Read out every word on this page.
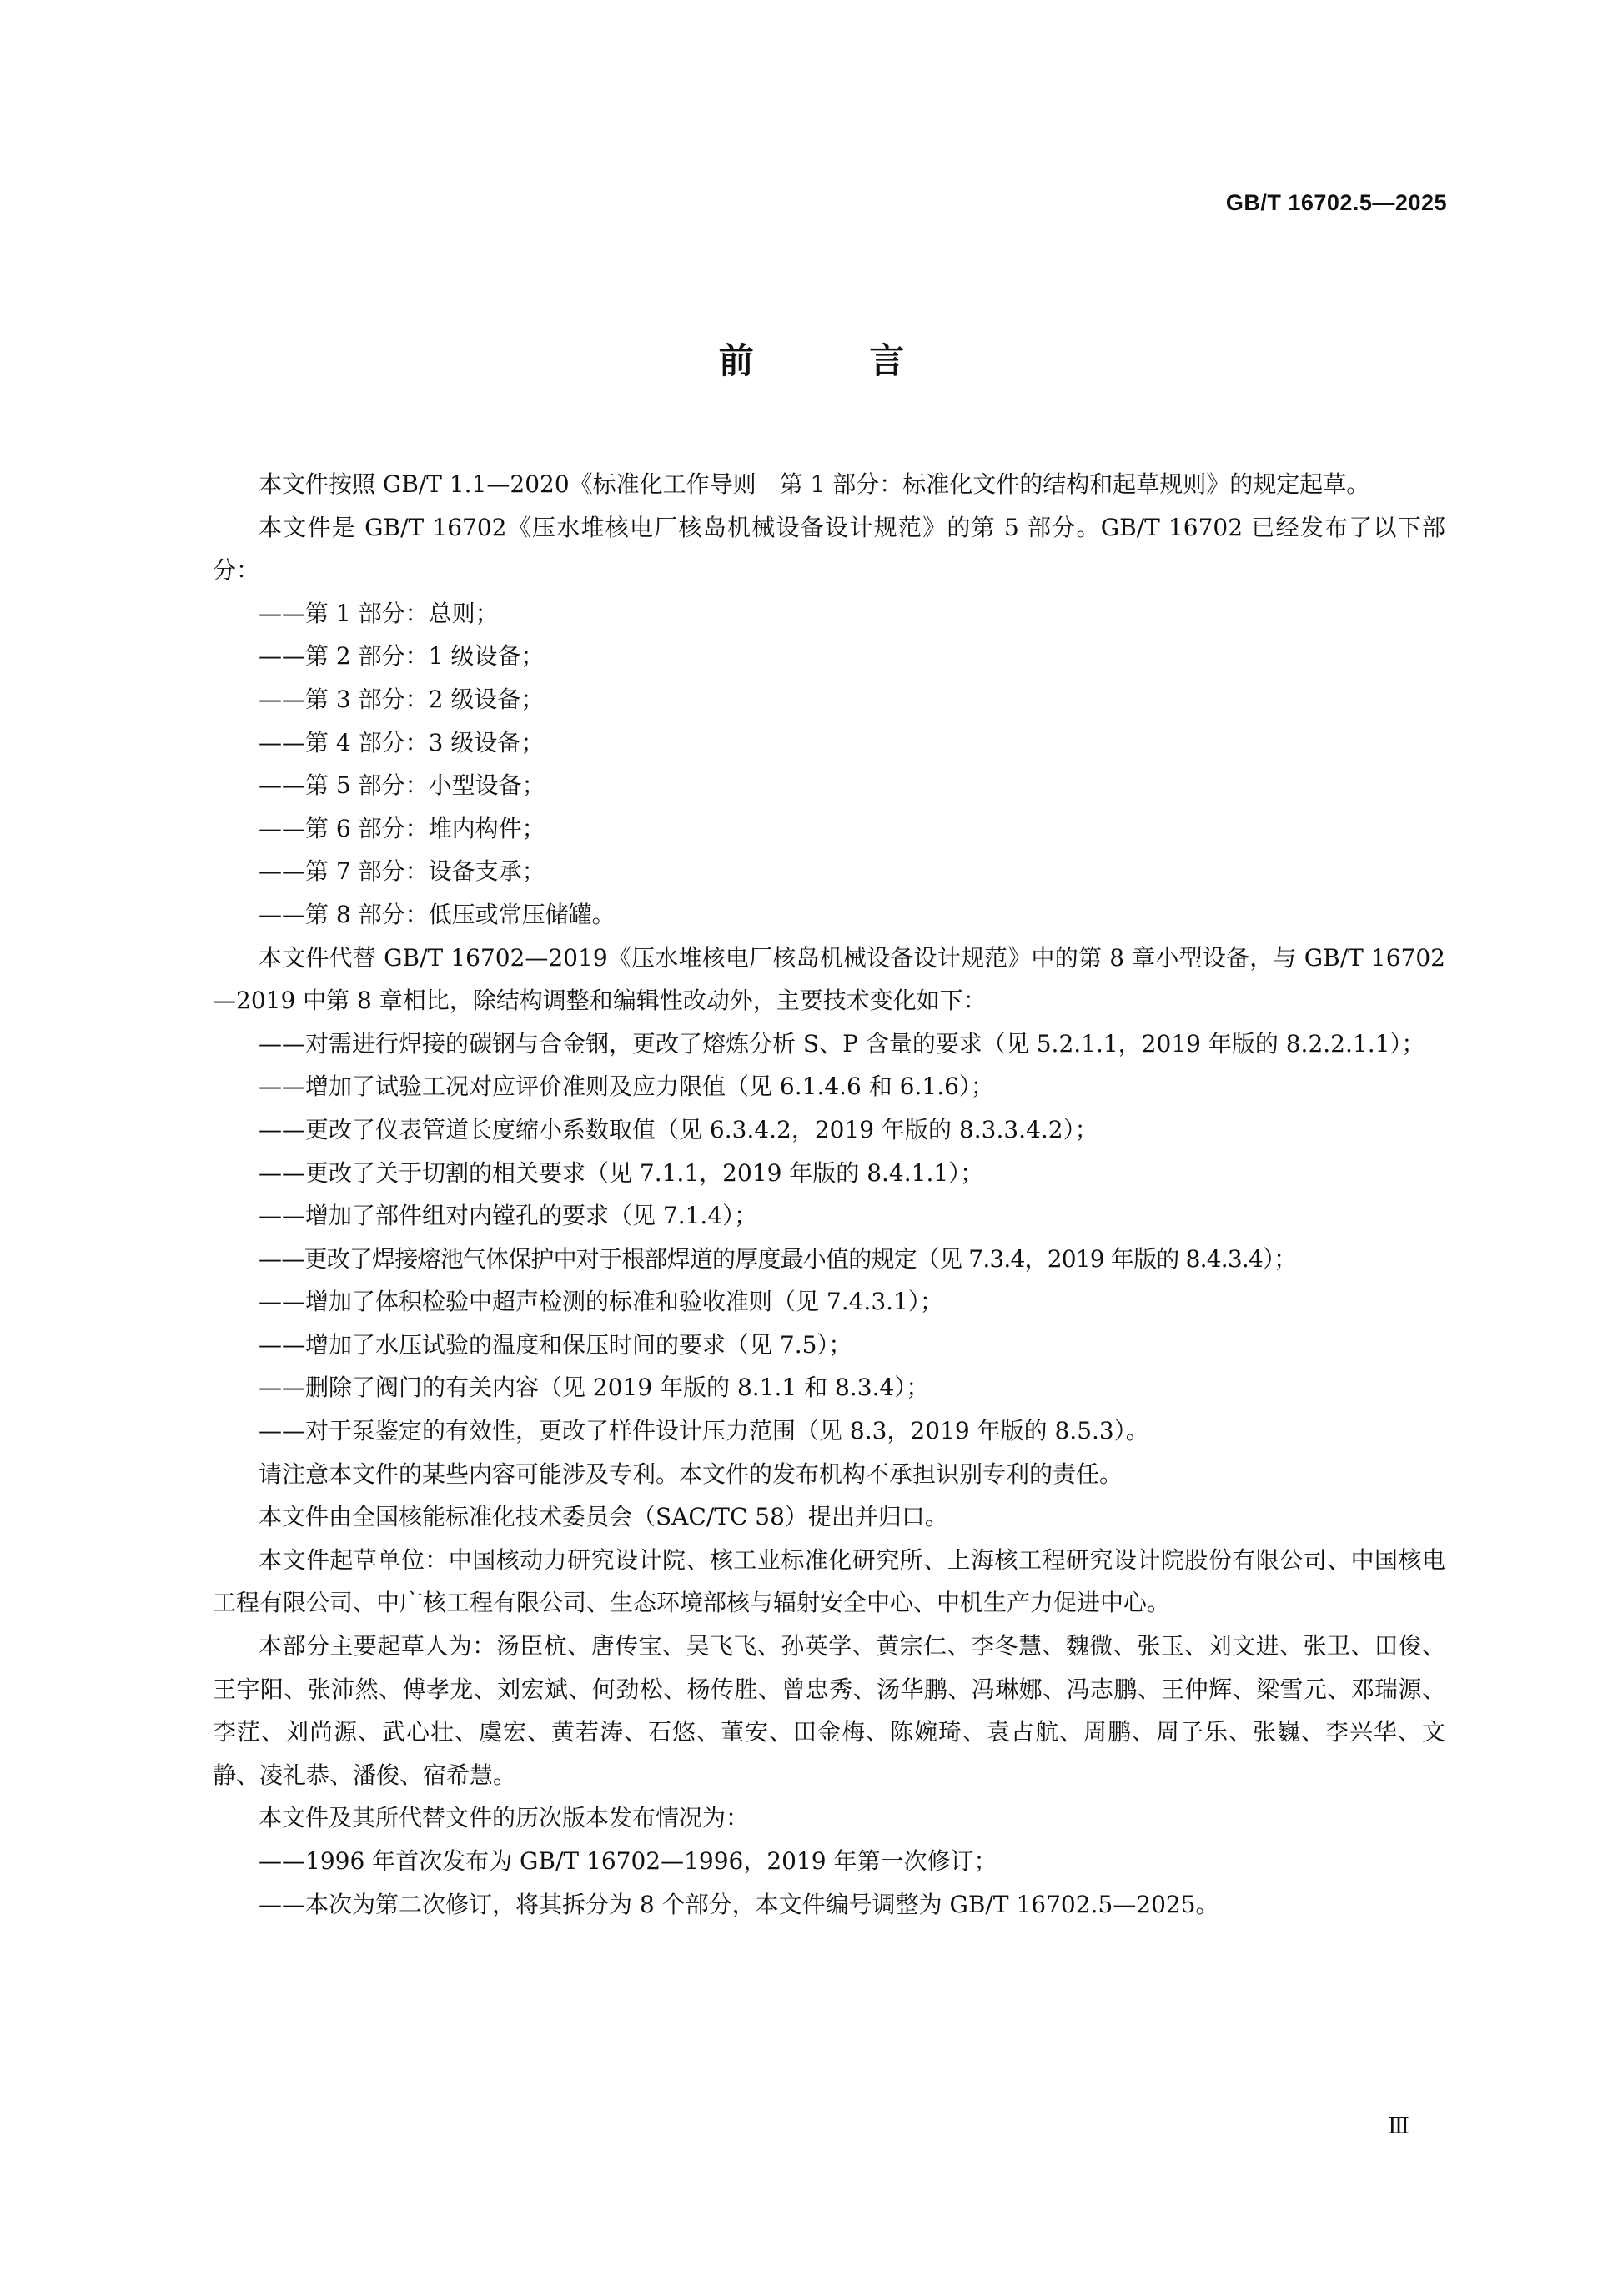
GB/T 16702.5—2025
前 言

本文件按照 GB/T 1.1—2020《标准化工作导则　第 1 部分：标准化文件的结构和起草规则》的规定起草。

本文件是 GB/T 16702《压水堆核电厂核岛机械设备设计规范》的第 5 部分。GB/T 16702 已经发布了以下部分：

——第 1 部分：总则；

——第 2 部分：1 级设备；

——第 3 部分：2 级设备；

——第 4 部分：3 级设备；

——第 5 部分：小型设备；

——第 6 部分：堆内构件；

——第 7 部分：设备支承；

——第 8 部分：低压或常压储罐。

本文件代替 GB/T 16702—2019《压水堆核电厂核岛机械设备设计规范》中的第 8 章小型设备，与 GB/T 16702—2019 中第 8 章相比，除结构调整和编辑性改动外，主要技术变化如下：

——对需进行焊接的碳钢与合金钢，更改了熔炼分析 S、P 含量的要求（见 5.2.1.1，2019 年版的 8.2.2.1.1）；

——增加了试验工况对应评价准则及应力限值（见 6.1.4.6 和 6.1.6）；

——更改了仪表管道长度缩小系数取值（见 6.3.4.2，2019 年版的 8.3.3.4.2）；

——更改了关于切割的相关要求（见 7.1.1，2019 年版的 8.4.1.1）；

——增加了部件组对内镗孔的要求（见 7.1.4）；

——更改了焊接熔池气体保护中对于根部焊道的厚度最小值的规定（见 7.3.4，2019 年版的 8.4.3.4）；

——增加了体积检验中超声检测的标准和验收准则（见 7.4.3.1）；

——增加了水压试验的温度和保压时间的要求（见 7.5）；

——删除了阀门的有关内容（见 2019 年版的 8.1.1 和 8.3.4）；

——对于泵鉴定的有效性，更改了样件设计压力范围（见 8.3，2019 年版的 8.5.3）。

请注意本文件的某些内容可能涉及专利。本文件的发布机构不承担识别专利的责任。

本文件由全国核能标准化技术委员会（SAC/TC 58）提出并归口。

本文件起草单位：中国核动力研究设计院、核工业标准化研究所、上海核工程研究设计院股份有限公司、中国核电工程有限公司、中广核工程有限公司、生态环境部核与辐射安全中心、中机生产力促进中心。

本部分主要起草人为：汤臣杭、唐传宝、吴飞飞、孙英学、黄宗仁、李冬慧、魏微、张玉、刘文进、张卫、田俊、王宇阳、张沛然、傅孝龙、刘宏斌、何劲松、杨传胜、曾忠秀、汤华鹏、冯琳娜、冯志鹏、王仲辉、梁雪元、邓瑞源、李茳、刘尚源、武心壮、虞宏、黄若涛、石悠、董安、田金梅、陈婉琦、袁占航、周鹏、周子乐、张巍、李兴华、文静、凌礼恭、潘俊、宿希慧。

本文件及其所代替文件的历次版本发布情况为：

——1996 年首次发布为 GB/T 16702—1996，2019 年第一次修订；

——本次为第二次修订，将其拆分为 8 个部分，本文件编号调整为 GB/T 16702.5—2025。

Ⅲ
